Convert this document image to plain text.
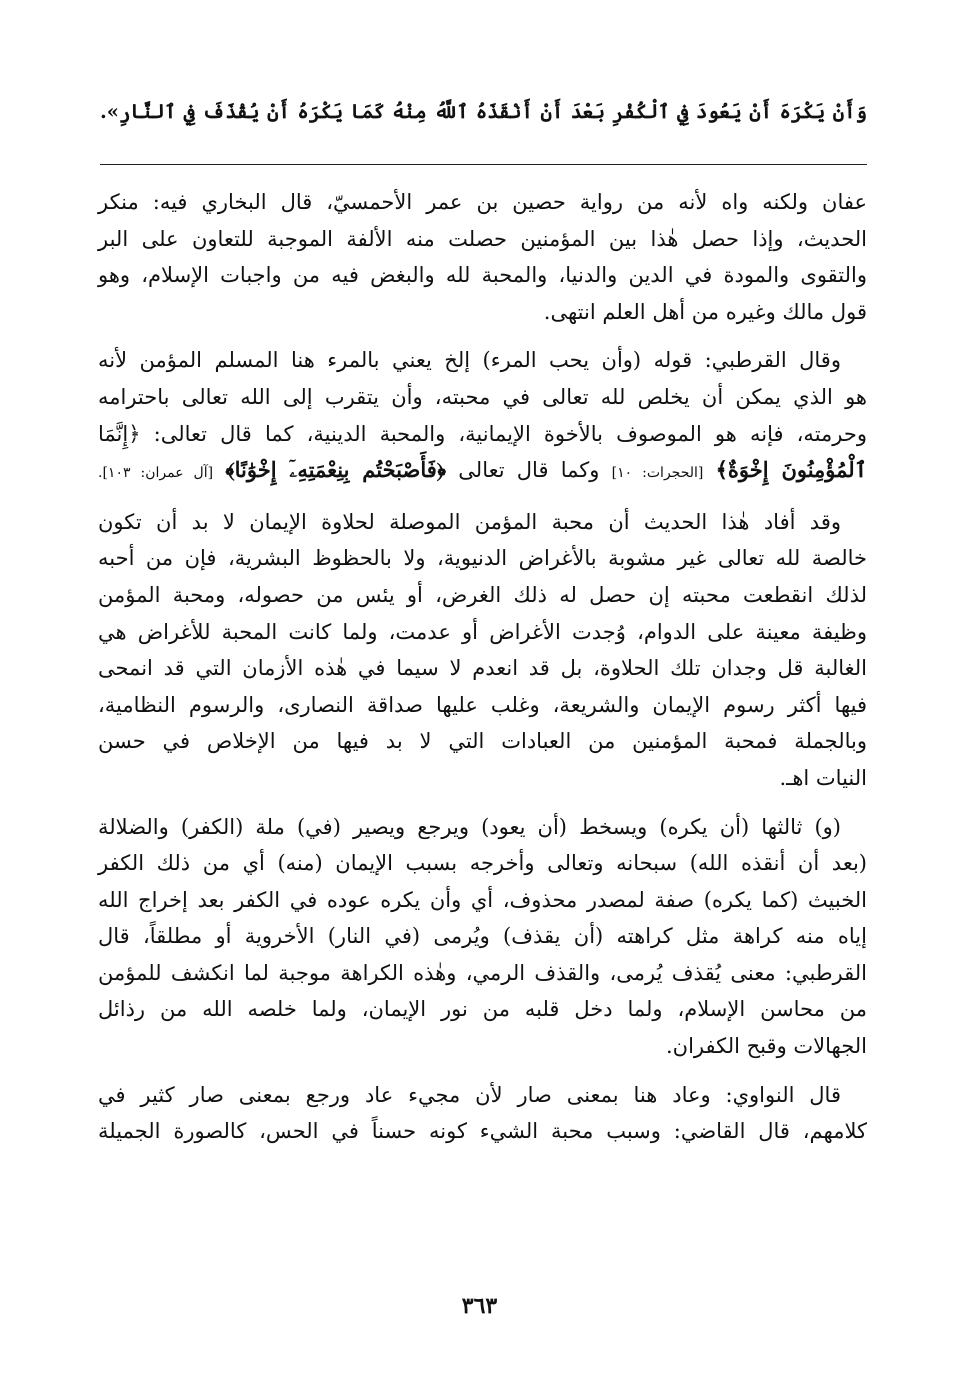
وَأَنْ يَكْرَهَ أَنْ يَعُودَ فِي ٱلْكُفْرِ بَعْدَ أَنْ أَنْقَذَهُ ٱللَّهُ مِنْهُ كَمَا يَكْرَهُ أَنْ يُقْذَفَ فِي ٱلنَّارِ».
عفان ولكنه واه لأنه من رواية حصين بن عمر الأحمسيّ، قال البخاري فيه: منكر
الحديث، وإذا حصل هٰذا بين المؤمنين حصلت منه الألفة الموجبة للتعاون على البر
والتقوى والمودة في الدين والدنيا، والمحبة لله والبغض فيه من واجبات الإسلام، وهو
قول مالك وغيره من أهل العلم انتهى.
وقال القرطبي: قوله (وأن يحب المرء) إلخ يعني بالمرء هنا المسلم المؤمن لأنه
هو الذي يمكن أن يخلص لله تعالى في محبته، وأن يتقرب إلى الله تعالى باحترامه
وحرمته، فإنه هو الموصوف بالأخوة الإيمانية، والمحبة الدينية، كما قال تعالى: ﴿إِنَّمَا
ٱلْمُؤْمِنُونَ إِخْوَةٌ﴾ [الحجرات: ١٠] وكما قال تعالى ﴿فَأَصْبَحْتُم بِنِعْمَتِهِۦٓ إِخْوَٰنًا﴾ [آل عمران: ١٠٣].
وقد أفاد هٰذا الحديث أن محبة المؤمن الموصلة لحلاوة الإيمان لا بد أن تكون
خالصة لله تعالى غير مشوبة بالأغراض الدنيوية، ولا بالحظوظ البشرية، فإن من أحبه
لذلك انقطعت محبته إن حصل له ذلك الغرض، أو يئس من حصوله، ومحبة المؤمن
وظيفة معينة على الدوام، وُجدت الأغراض أو عدمت، ولما كانت المحبة للأغراض هي
الغالبة قل وجدان تلك الحلاوة، بل قد انعدم لا سيما في هٰذه الأزمان التي قد انمحى
فيها أكثر رسوم الإيمان والشريعة، وغلب عليها صداقة النصارى، والرسوم النظامية،
وبالجملة فمحبة المؤمنين من العبادات التي لا بد فيها من الإخلاص في حسن
النيات اهـ.
(و) ثالثها (أن يكره) ويسخط (أن يعود) ويرجع ويصير (في) ملة (الكفر) والضلالة
(بعد أن أنقذه الله) سبحانه وتعالى وأخرجه بسبب الإيمان (منه) أي من ذلك الكفر
الخبيث (كما يكره) صفة لمصدر محذوف، أي وأن يكره عوده في الكفر بعد إخراج الله
إياه منه كراهة مثل كراهته (أن يقذف) ويُرمى (في النار) الأخروية أو مطلقاً، قال
القرطبي: معنى يُقذف يُرمى، والقذف الرمي، وهٰذه الكراهة موجبة لما انكشف للمؤمن
من محاسن الإسلام، ولما دخل قلبه من نور الإيمان، ولما خلصه الله من رذائل
الجهالات وقبح الكفران.
قال النواوي: وعاد هنا بمعنى صار لأن مجيء عاد ورجع بمعنى صار كثير في
كلامهم، قال القاضي: وسبب محبة الشيء كونه حسناً في الحس، كالصورة الجميلة
٣٦٣
